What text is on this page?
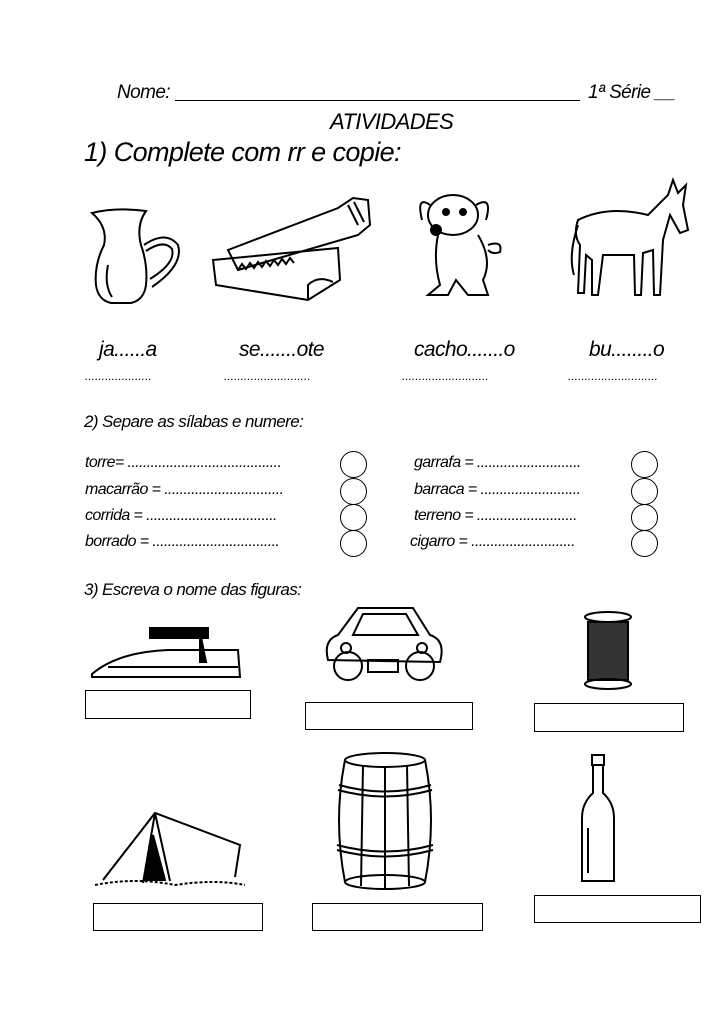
Nome:	1ª Série __
ATIVIDADES
1) Complete com rr e copie:
ja......a	se.......ote	cacho.......o	bu........o
....................	..........................	..........................	...........................
2) Separe as sílabas e numere:
torre= ........................................
macarrão = ...............................
corrida = ..................................
borrado = .................................
garrafa = ...........................
barraca = ..........................
terreno = ..........................
cigarro = ...........................
3) Escreva o nome das figuras:
